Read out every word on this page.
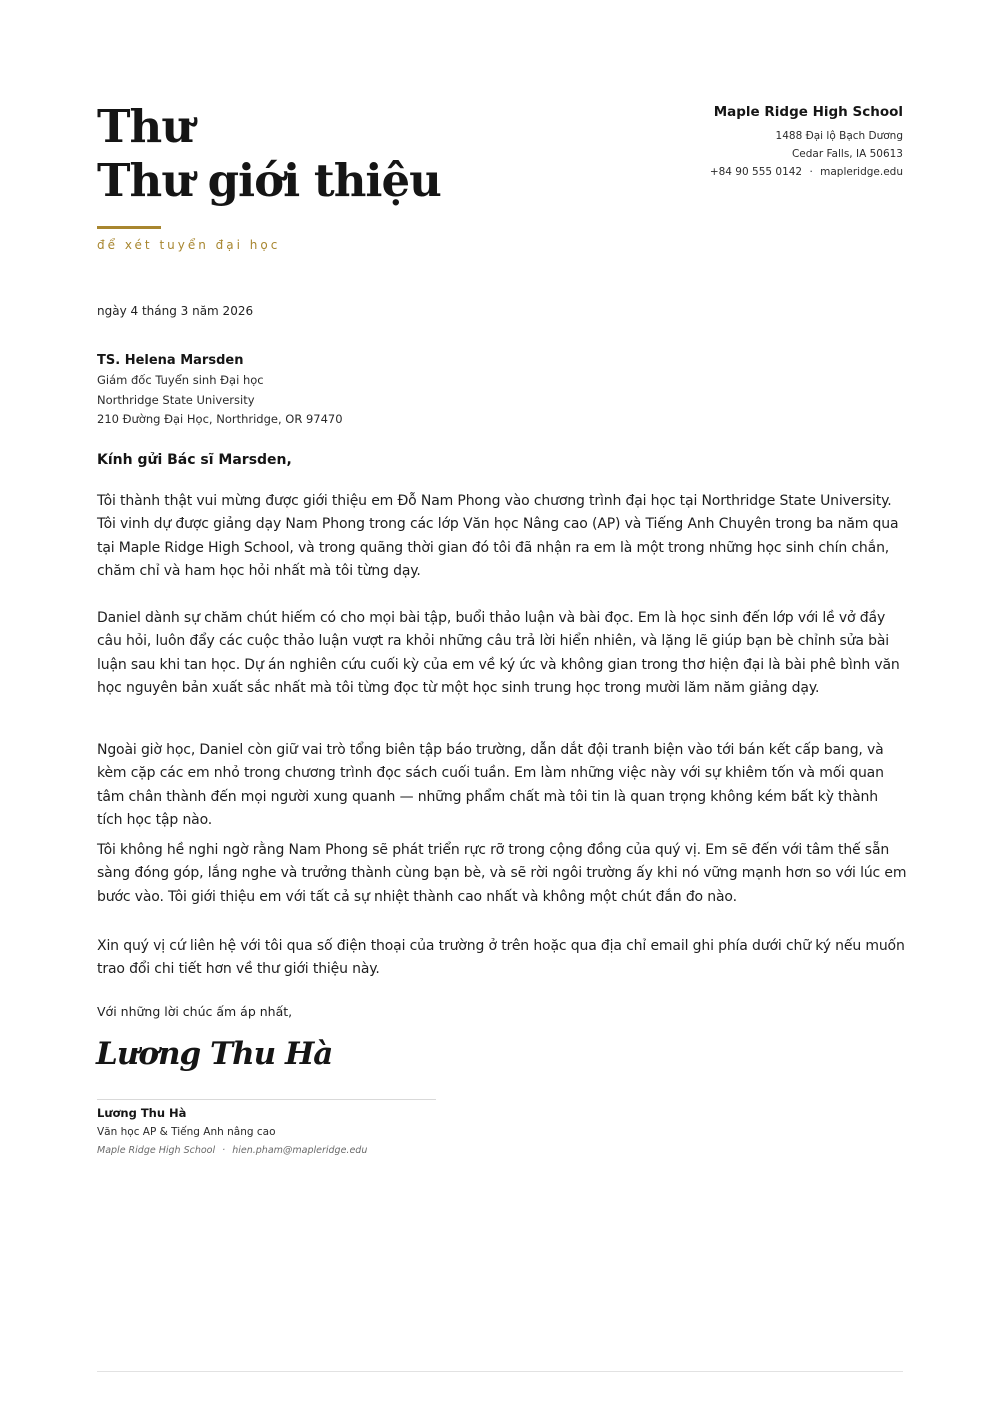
Thư
Thư giới thiệu
để xét tuyển đại học
Maple Ridge High School
1488 Đại lộ Bạch Dương
Cedar Falls, IA 50613
+84 90 555 0142 · mapleridge.edu
ngày 4 tháng 3 năm 2026
TS. Helena Marsden
Giám đốc Tuyển sinh Đại học
Northridge State University
210 Đường Đại Học, Northridge, OR 97470
Kính gửi Bác sĩ Marsden,

Tôi thành thật vui mừng được giới thiệu em Đỗ Nam Phong vào chương trình đại học tại Northridge State University. Tôi vinh dự được giảng dạy Nam Phong trong các lớp Văn học Nâng cao (AP) và Tiếng Anh Chuyên trong ba năm qua tại Maple Ridge High School, và trong quãng thời gian đó tôi đã nhận ra em là một trong những học sinh chín chắn, chăm chỉ và ham học hỏi nhất mà tôi từng dạy.

Daniel dành sự chăm chút hiếm có cho mọi bài tập, buổi thảo luận và bài đọc. Em là học sinh đến lớp với lề vở đầy câu hỏi, luôn đẩy các cuộc thảo luận vượt ra khỏi những câu trả lời hiển nhiên, và lặng lẽ giúp bạn bè chỉnh sửa bài luận sau khi tan học. Dự án nghiên cứu cuối kỳ của em về ký ức và không gian trong thơ hiện đại là bài phê bình văn học nguyên bản xuất sắc nhất mà tôi từng đọc từ một học sinh trung học trong mười lăm năm giảng dạy.

Ngoài giờ học, Daniel còn giữ vai trò tổng biên tập báo trường, dẫn dắt đội tranh biện vào tới bán kết cấp bang, và kèm cặp các em nhỏ trong chương trình đọc sách cuối tuần. Em làm những việc này với sự khiêm tốn và mối quan tâm chân thành đến mọi người xung quanh — những phẩm chất mà tôi tin là quan trọng không kém bất kỳ thành tích học tập nào.

Tôi không hề nghi ngờ rằng Nam Phong sẽ phát triển rực rỡ trong cộng đồng của quý vị. Em sẽ đến với tâm thế sẵn sàng đóng góp, lắng nghe và trưởng thành cùng bạn bè, và sẽ rời ngôi trường ấy khi nó vững mạnh hơn so với lúc em bước vào. Tôi giới thiệu em với tất cả sự nhiệt thành cao nhất và không một chút đắn đo nào.

Xin quý vị cứ liên hệ với tôi qua số điện thoại của trường ở trên hoặc qua địa chỉ email ghi phía dưới chữ ký nếu muốn trao đổi chi tiết hơn về thư giới thiệu này.

Với những lời chúc ấm áp nhất,
Lương Thu Hà
Lương Thu Hà
Văn học AP & Tiếng Anh nâng cao
Maple Ridge High School · hien.pham@mapleridge.edu
